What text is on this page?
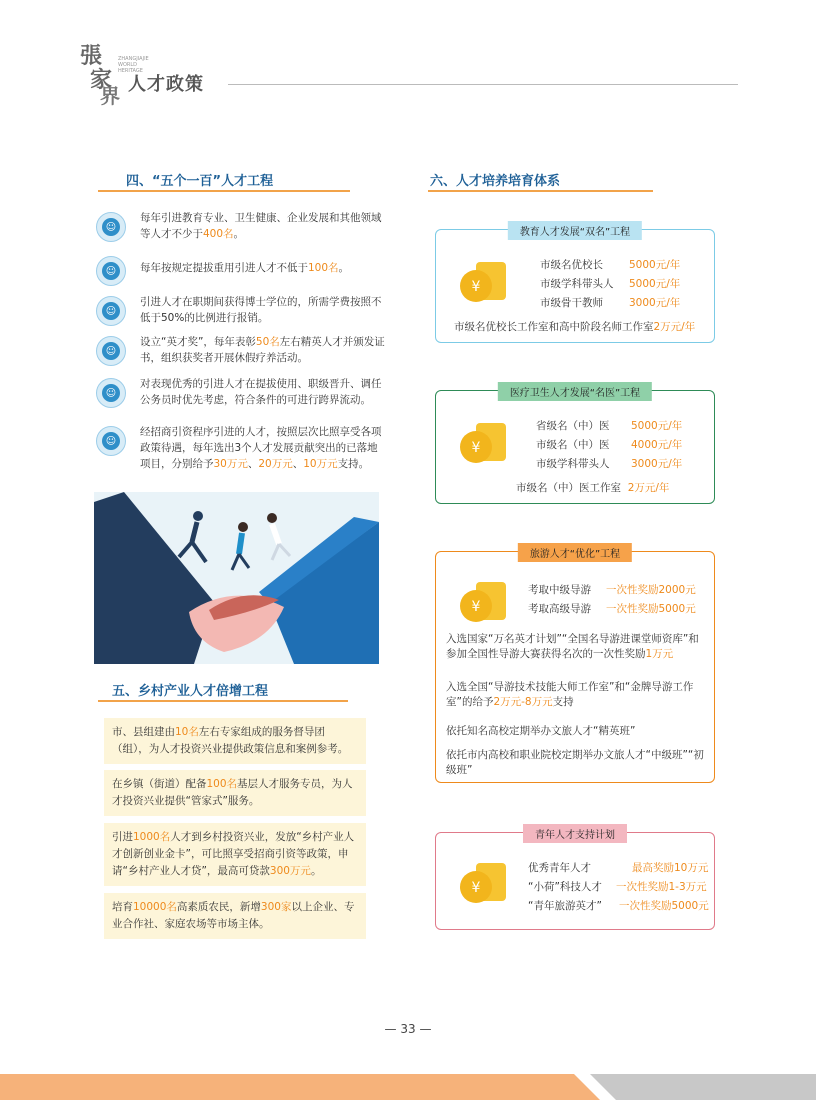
張
家
界
ZHANGJIAJIE WORLD HERITAGE
人才政策
四、“五个一百”人才工程
☺
每年引进教育专业、卫生健康、企业发展和其他领域等人才不少于400名。
☺	每年按规定提拔重用引进人才不低于100名。
☺
引进人才在职期间获得博士学位的，所需学费按照不低于50%的比例进行报销。
☺
设立“英才奖”，每年表彰50名左右精英人才并颁发证书，组织获奖者开展休假疗养活动。
☺
对表现优秀的引进人才在提拔使用、职级晋升、调任公务员时优先考虑，符合条件的可进行跨界流动。
☺
经招商引资程序引进的人才，按照层次比照享受各项政策待遇，每年选出3个人才发展贡献突出的已落地项目，分别给予30万元、20万元、10万元支持。
五、乡村产业人才倍增工程
市、县组建由10名左右专家组成的服务督导团（组），为人才投资兴业提供政策信息和案例参考。
在乡镇（街道）配备100名基层人才服务专员，为人才投资兴业提供“管家式”服务。
引进1000名人才到乡村投资兴业，发放“乡村产业人才创新创业金卡”，可比照享受招商引资等政策，申请“乡村产业人才贷”，最高可贷款300万元。
培育10000名高素质农民，新增300家以上企业、专业合作社、家庭农场等市场主体。
六、人才培养培育体系
教育人才发展“双名”工程
¥
市级名优校长 5000元/年
市级学科带头人 5000元/年
市级骨干教师 3000元/年
市级名优校长工作室和高中阶段名师工作室2万元/年
医疗卫生人才发展“名医”工程
¥
省级名（中）医 5000元/年
市级名（中）医 4000元/年
市级学科带头人 3000元/年
市级名（中）医工作室 2万元/年
旅游人才“优化”工程
¥
考取中级导游 一次性奖励2000元
考取高级导游 一次性奖励5000元
入选国家“万名英才计划”“全国名导游进课堂师资库”和参加全国性导游大赛获得名次的一次性奖励1万元
入选全国“导游技术技能大师工作室”和“金牌导游工作室”的给予2万元-8万元支持
依托知名高校定期举办文旅人才“精英班”
依托市内高校和职业院校定期举办文旅人才“中级班”“初级班”
青年人才支持计划
¥
优秀青年人才	最高奖励10万元
“小荷”科技人才 一次性奖励1-3万元
“青年旅游英才” 一次性奖励5000元
— 33 —
